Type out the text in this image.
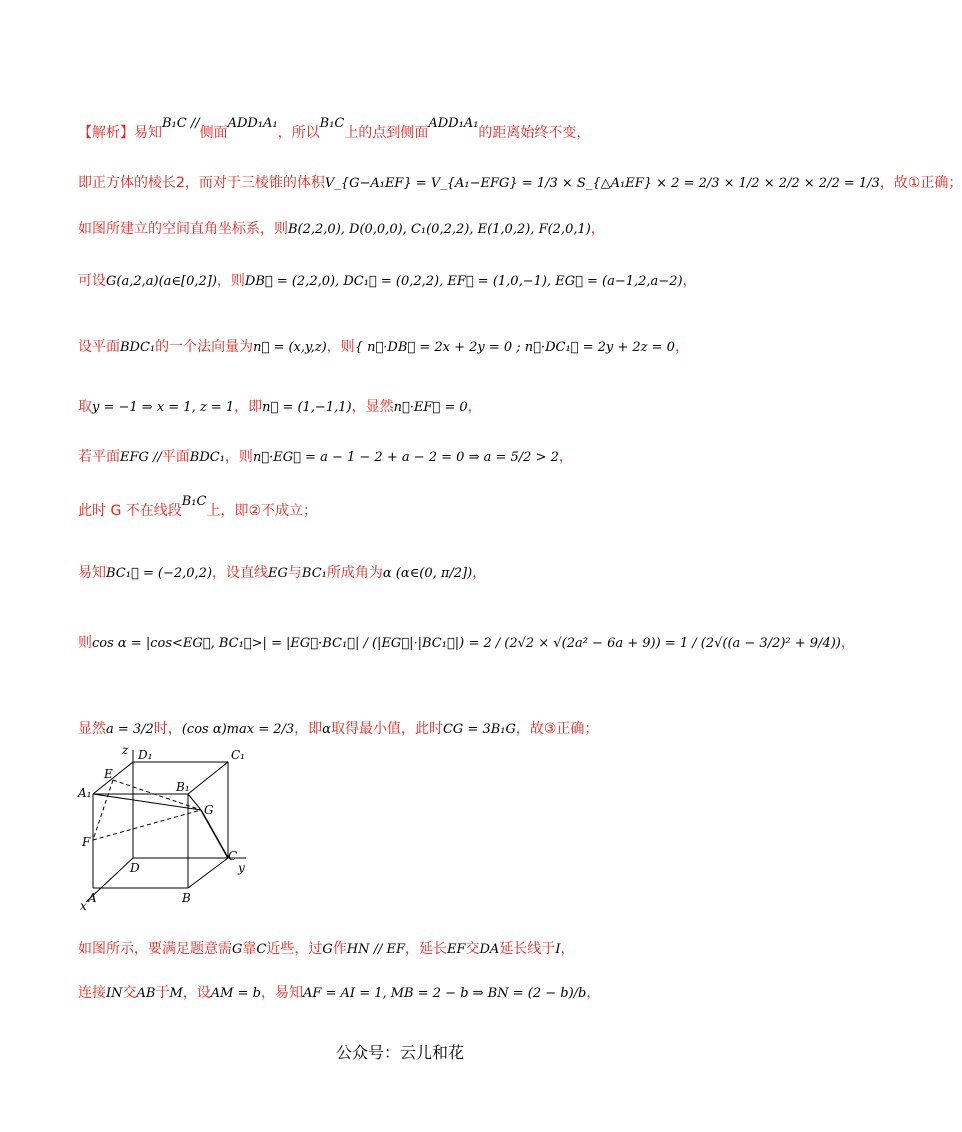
【解析】易知B₁C //侧面ADD₁A₁，所以B₁C上的点到侧面ADD₁A₁的距离始终不变，
即正方体的棱长2，而对于三棱锥的体积V_{G−A₁EF} = V_{A₁−EFG} = 1/3 × S_{△A₁EF} × 2 = 2/3 × 1/2 × 2/2 × 2/2 = 1/3，故①正确；
如图所建立的空间直角坐标系，则B(2,2,0), D(0,0,0), C₁(0,2,2), E(1,0,2), F(2,0,1)，
可设G(a,2,a)(a∈[0,2])，则DB⃗ = (2,2,0), DC₁⃗ = (0,2,2), EF⃗ = (1,0,−1), EG⃗ = (a−1,2,a−2)，
设平面BDC₁的一个法向量为n⃗ = (x,y,z)，则{ n⃗·DB⃗ = 2x + 2y = 0 ; n⃗·DC₁⃗ = 2y + 2z = 0，
取y = −1 ⇒ x = 1, z = 1，即n⃗ = (1,−1,1)，显然n⃗·EF⃗ = 0，
若平面EFG //平面BDC₁，则n⃗·EG⃗ = a − 1 − 2 + a − 2 = 0 ⇒ a = 5/2 > 2，
此时 G 不在线段B₁C上，即②不成立；
易知BC₁⃗ = (−2,0,2)，设直线EG与BC₁所成角为α (α∈(0, π/2])，
则cos α = |cos<EG⃗, BC₁⃗>| = |EG⃗·BC₁⃗| / (|EG⃗|·|BC₁⃗|) = 2 / (2√2 × √(2a² − 6a + 9)) = 1 / (2√((a − 3/2)² + 9/4))，
显然a = 3/2时，(cos α)max = 2/3，即α取得最小值，此时CG = 3B₁G，故③正确；
如图所示，要满足题意需G靠C近些，过G作HN // EF，延长EF交DA延长线于I，
连接IN交AB于M，设AM = b，易知AF = AI = 1, MB = 2 − b ⇒ BN = (2 − b)/b，
z D₁	C₁
E
A₁	B₁
G
F
D
C
y
A	B
x
公众号：云儿和花
